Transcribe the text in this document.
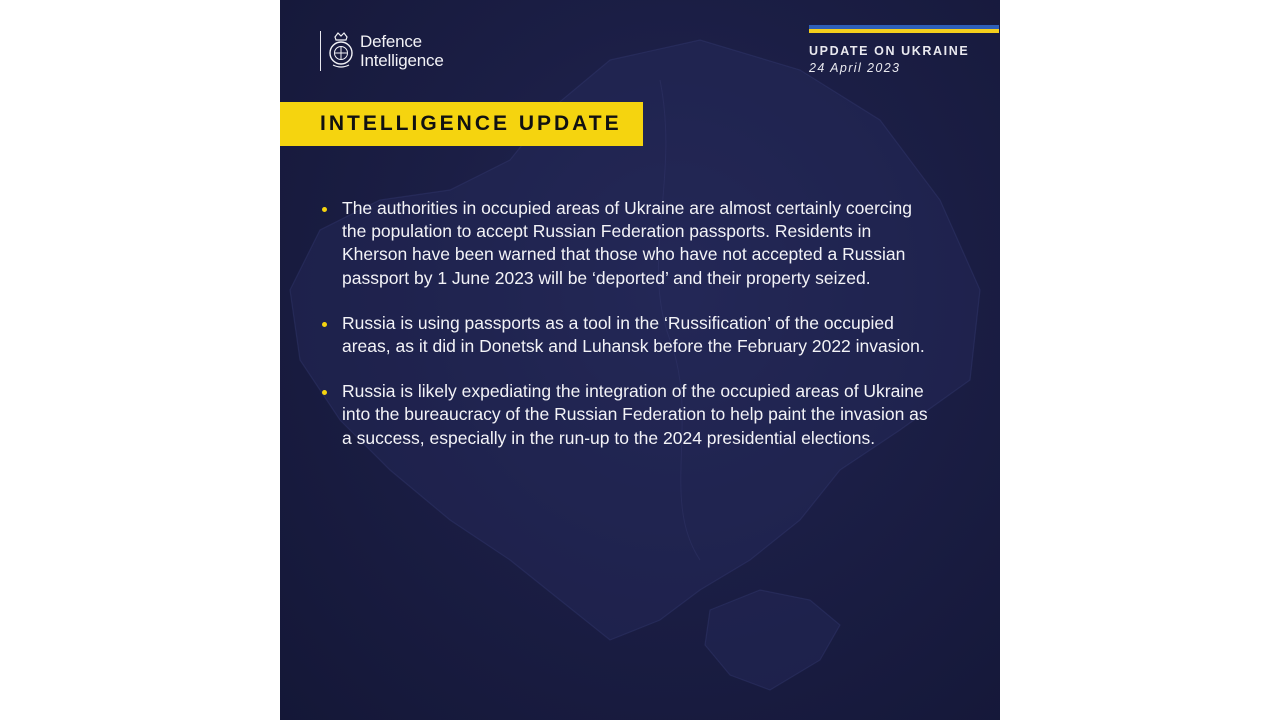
Defence
Intelligence	UPDATE ON UKRAINE
24 April 2023
INTELLIGENCE UPDATE
The authorities in occupied areas of Ukraine are almost certainly coercing the population to accept Russian Federation passports. Residents in Kherson have been warned that those who have not accepted a Russian passport by 1 June 2023 will be ‘deported’ and their property seized.
Russia is using passports as a tool in the ‘Russification’ of the occupied areas, as it did in Donetsk and Luhansk before the February 2022 invasion.
Russia is likely expediating the integration of the occupied areas of Ukraine into the bureaucracy of the Russian Federation to help paint the invasion as a success, especially in the run-up to the 2024 presidential elections.
